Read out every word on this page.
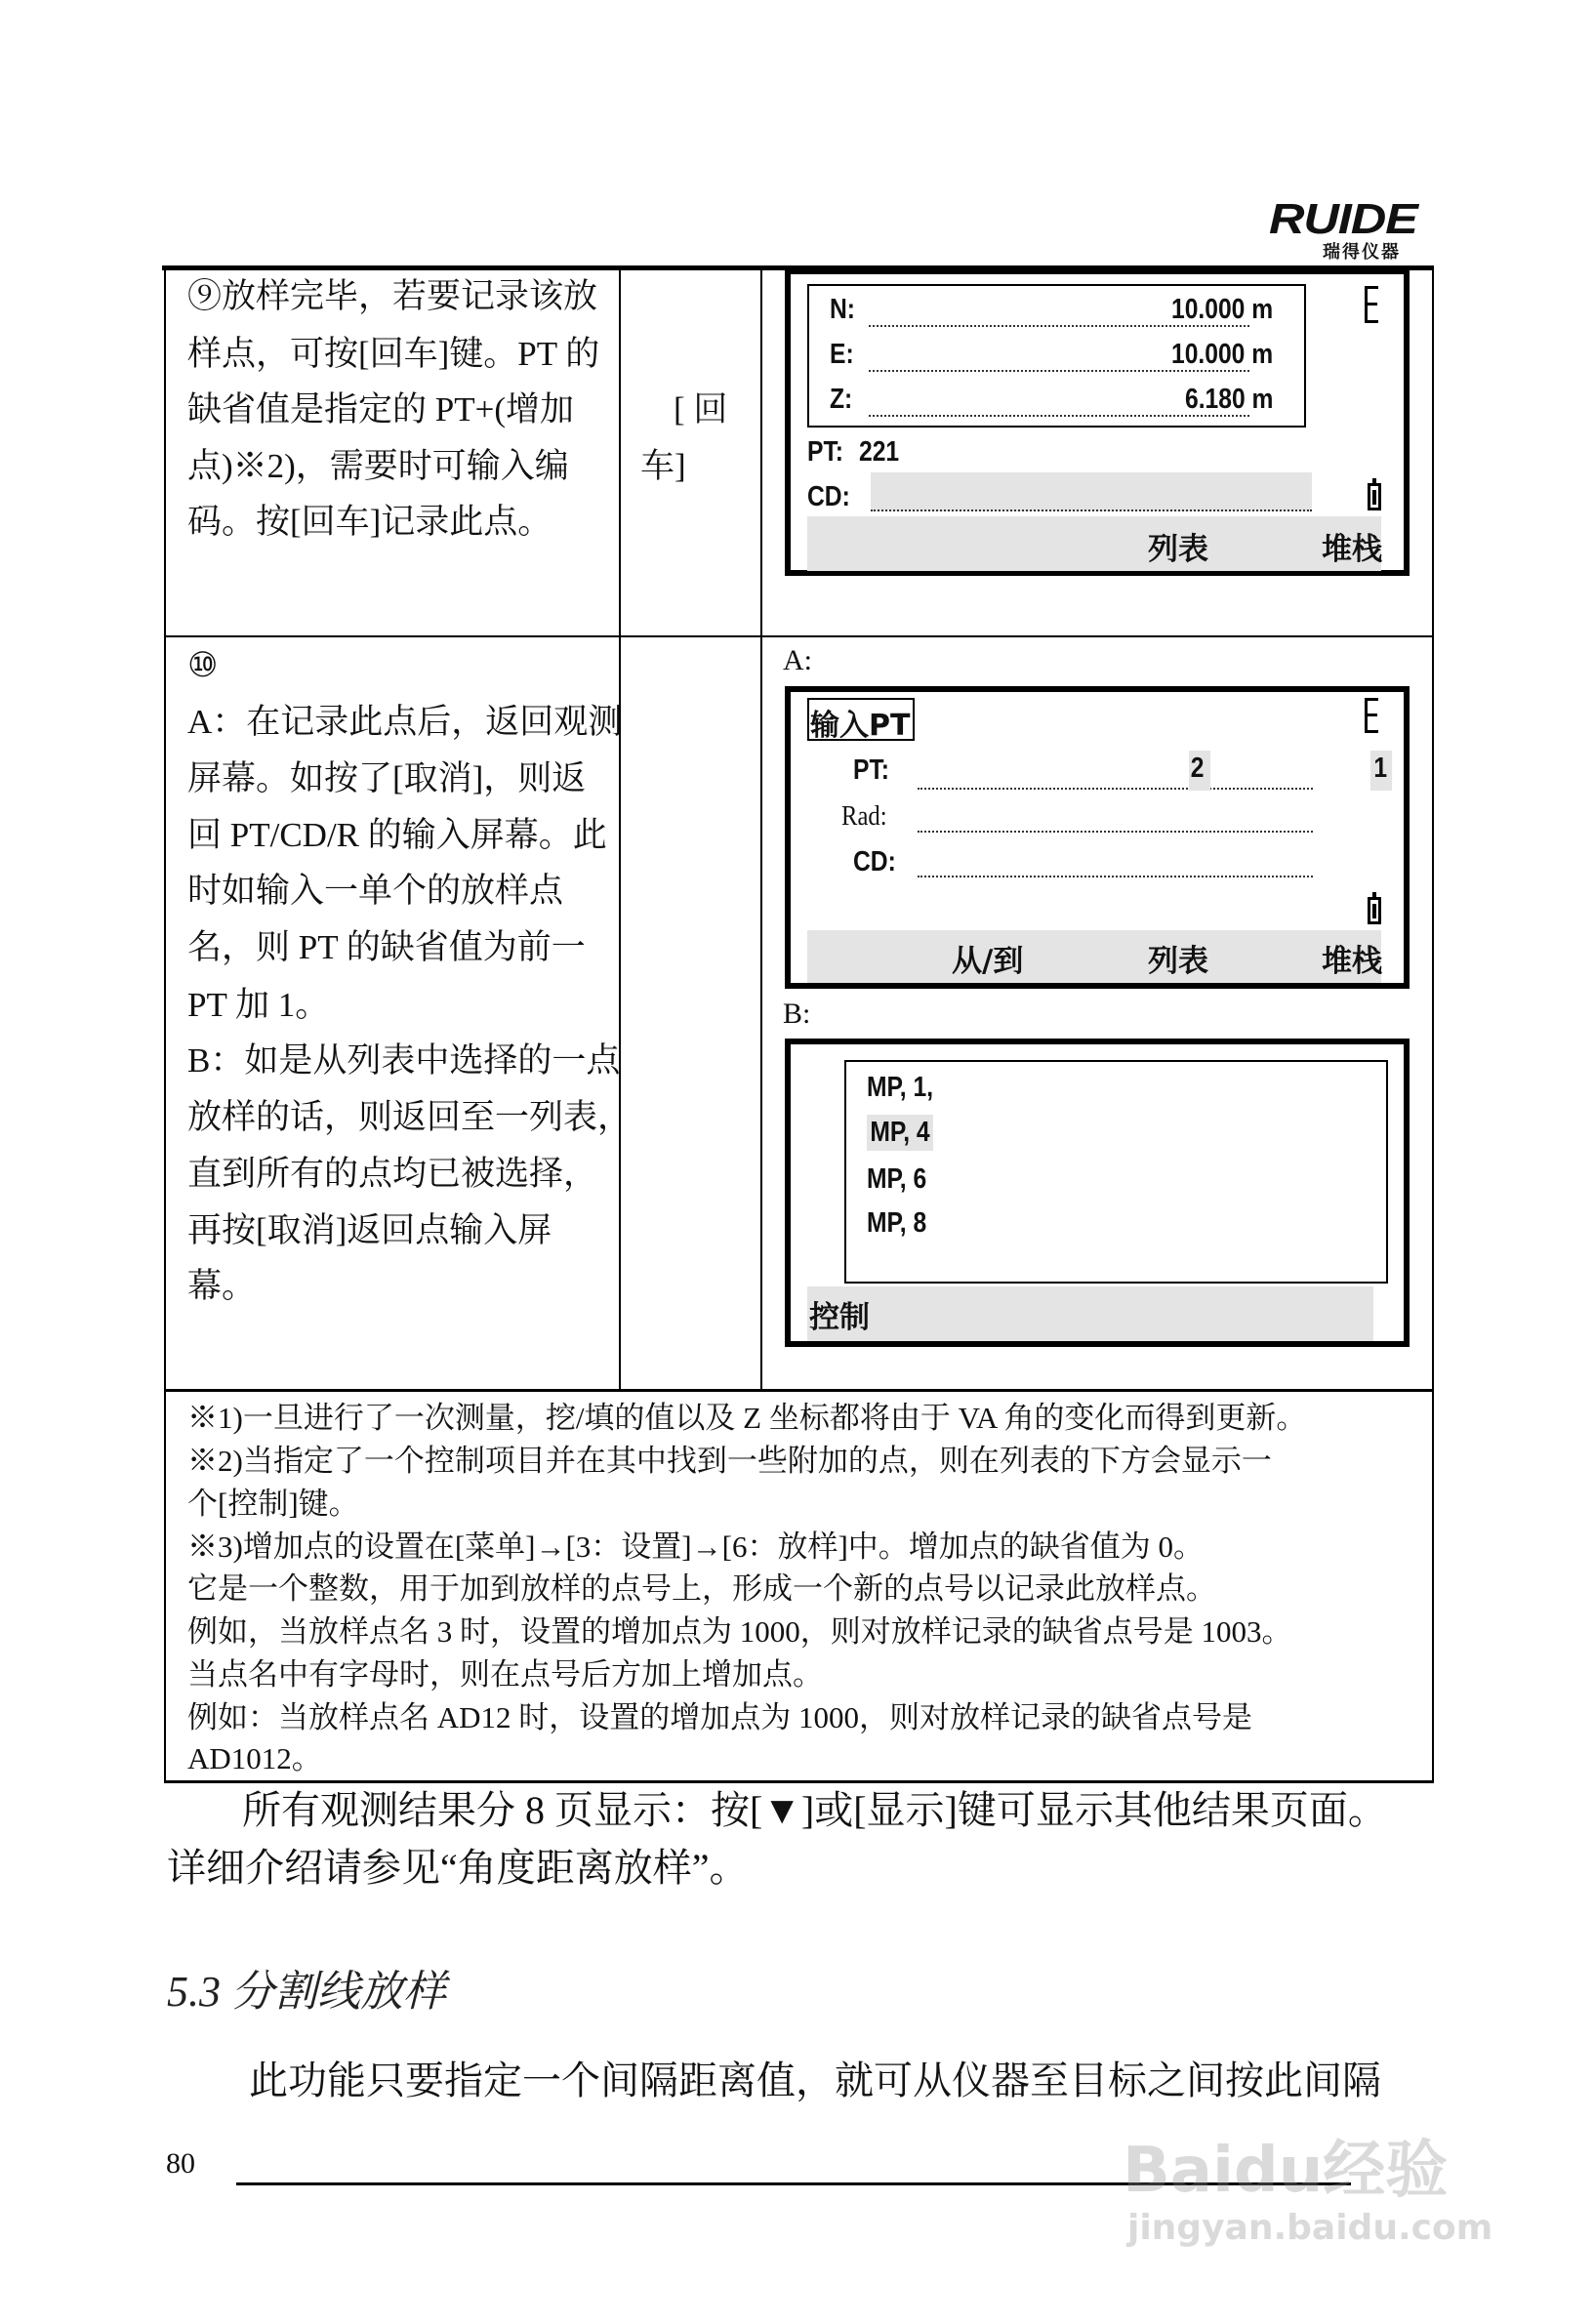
RUIDE
瑞得仪器
⑨放样完毕，若要记录该放
样点，可按[回车]键。PT 的
缺省值是指定的 PT+(增加
点)※2)，需要时可输入编
码。按[回车]记录此点。
[ 回
车]
N:	10.000 m
E:	10.000 m
Z:	6.180 m
PT: 221
CD:
列表	堆栈
⑩
A：在记录此点后，返回观测
屏幕。如按了[取消]，则返
回 PT/CD/R 的输入屏幕。此
时如输入一单个的放样点
名，则 PT 的缺省值为前一
PT 加 1。
B：如是从列表中选择的一点
放样的话，则返回至一列表，
直到所有的点均已被选择，
再按[取消]返回点输入屏
幕。
A:
输入PT
PT:	2	1
Rad:
CD:
从/到	列表	堆栈
B:
MP, 1,
MP, 4
MP, 6
MP, 8
控制
※1)一旦进行了一次测量，挖/填的值以及 Z 坐标都将由于 VA 角的变化而得到更新。
※2)当指定了一个控制项目并在其中找到一些附加的点，则在列表的下方会显示一
个[控制]键。
※3)增加点的设置在[菜单]→[3：设置]→[6：放样]中。增加点的缺省值为 0。
它是一个整数，用于加到放样的点号上，形成一个新的点号以记录此放样点。
例如，当放样点名 3 时，设置的增加点为 1000，则对放样记录的缺省点号是 1003。
当点名中有字母时，则在点号后方加上增加点。
例如：当放样点名 AD12 时，设置的增加点为 1000，则对放样记录的缺省点号是
AD1012。
所有观测结果分 8 页显示：按[▼]或[显示]键可显示其他结果页面。
详细介绍请参见“角度距离放样”。
5.3 分割线放样
此功能只要指定一个间隔距离值，就可从仪器至目标之间按此间隔
80	Baidu经验
jingyan.baidu.com
